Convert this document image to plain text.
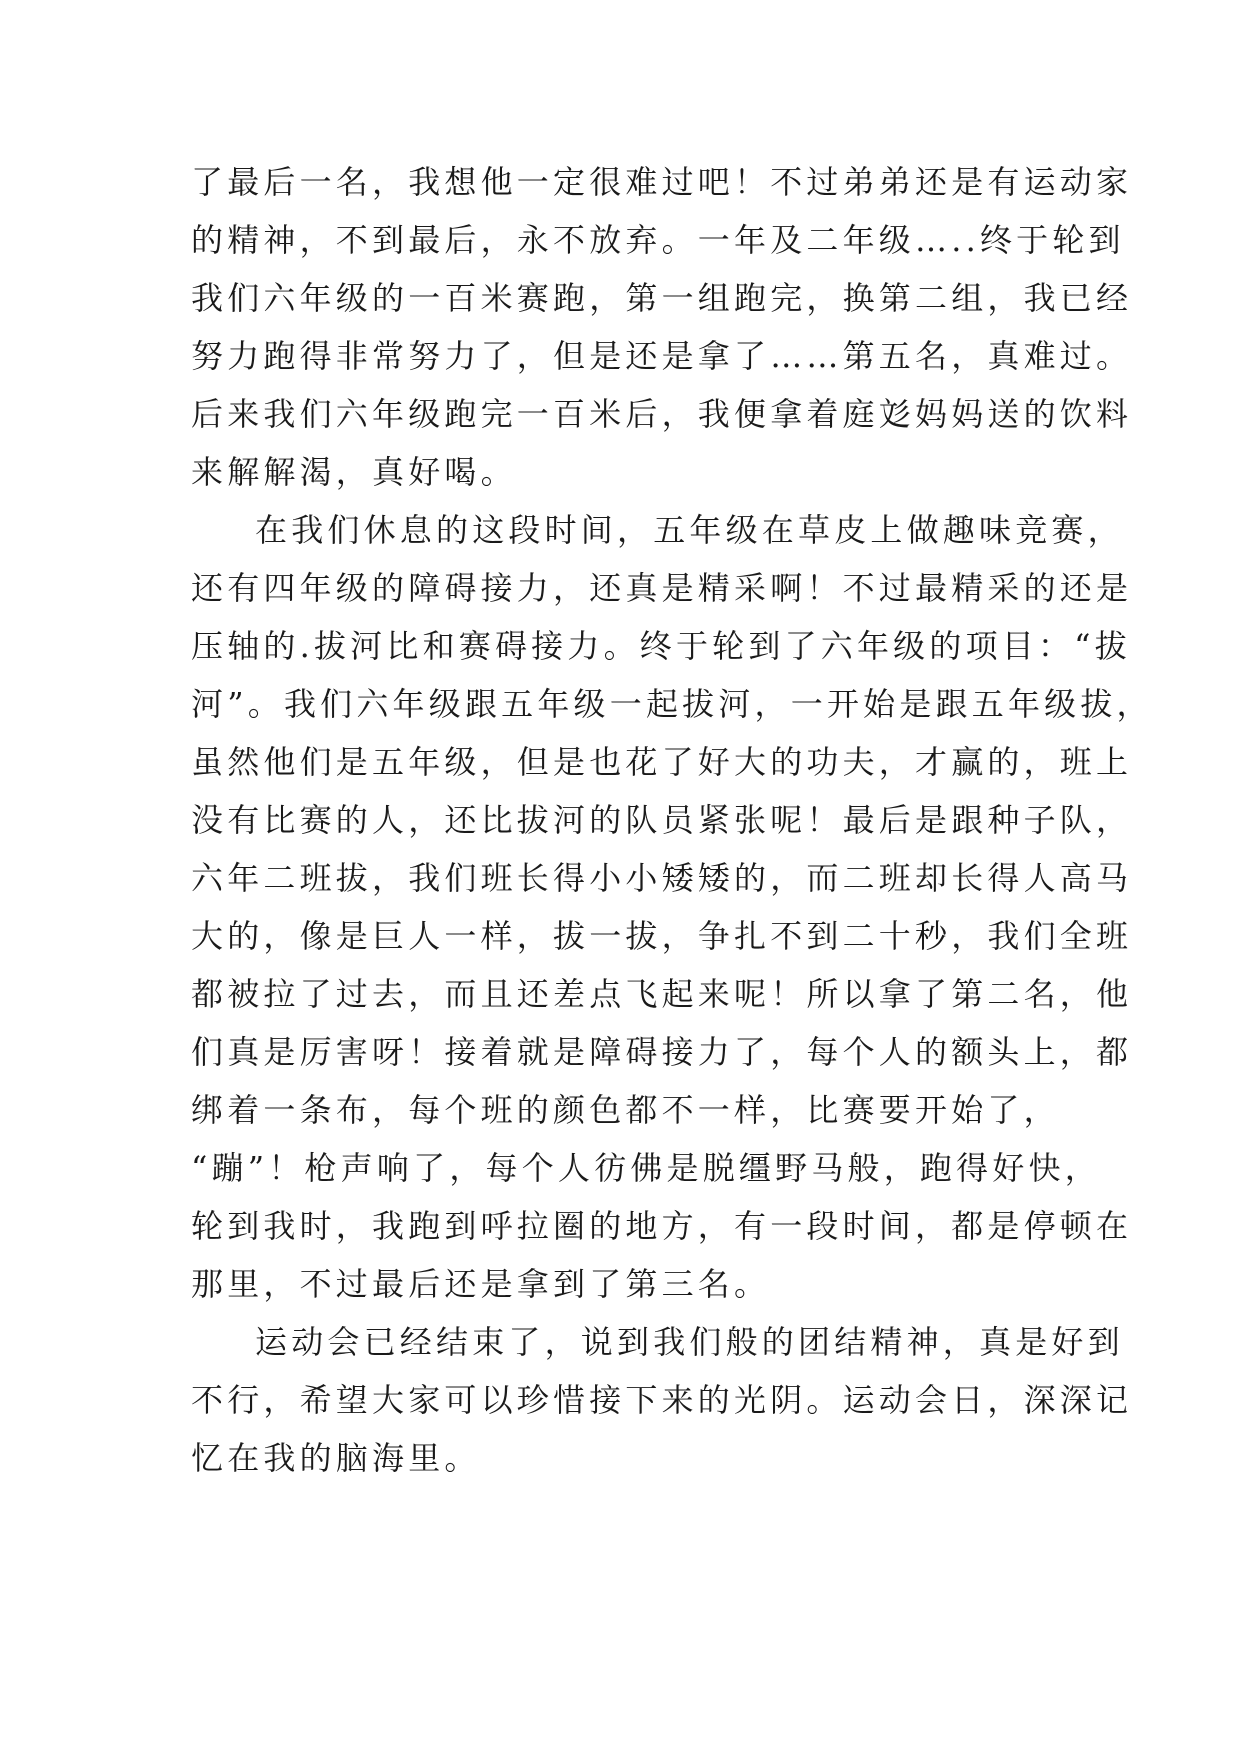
了最后一名，我想他一定很难过吧！不过弟弟还是有运动家
的精神，不到最后，永不放弃。一年及二年级…..终于轮到
我们六年级的一百米赛跑，第一组跑完，换第二组，我已经
努力跑得非常努力了，但是还是拿了……第五名，真难过。
后来我们六年级跑完一百米后，我便拿着庭彣妈妈送的饮料
来解解渴，真好喝。
在我们休息的这段时间，五年级在草皮上做趣味竞赛，
还有四年级的障碍接力，还真是精采啊！不过最精采的还是
压轴的.拔河比和赛碍接力。终于轮到了六年级的项目：“拔
河”。我们六年级跟五年级一起拔河，一开始是跟五年级拔，
虽然他们是五年级，但是也花了好大的功夫，才赢的，班上
没有比赛的人，还比拔河的队员紧张呢！最后是跟种子队，
六年二班拔，我们班长得小小矮矮的，而二班却长得人高马
大的，像是巨人一样，拔一拔，争扎不到二十秒，我们全班
都被拉了过去，而且还差点飞起来呢！所以拿了第二名，他
们真是厉害呀！接着就是障碍接力了，每个人的额头上，都
绑着一条布，每个班的颜色都不一样，比赛要开始了，
“蹦”！枪声响了，每个人彷佛是脱缰野马般，跑得好快，
轮到我时，我跑到呼拉圈的地方，有一段时间，都是停顿在
那里，不过最后还是拿到了第三名。
运动会已经结束了，说到我们般的团结精神，真是好到
不行，希望大家可以珍惜接下来的光阴。运动会日，深深记
忆在我的脑海里。
